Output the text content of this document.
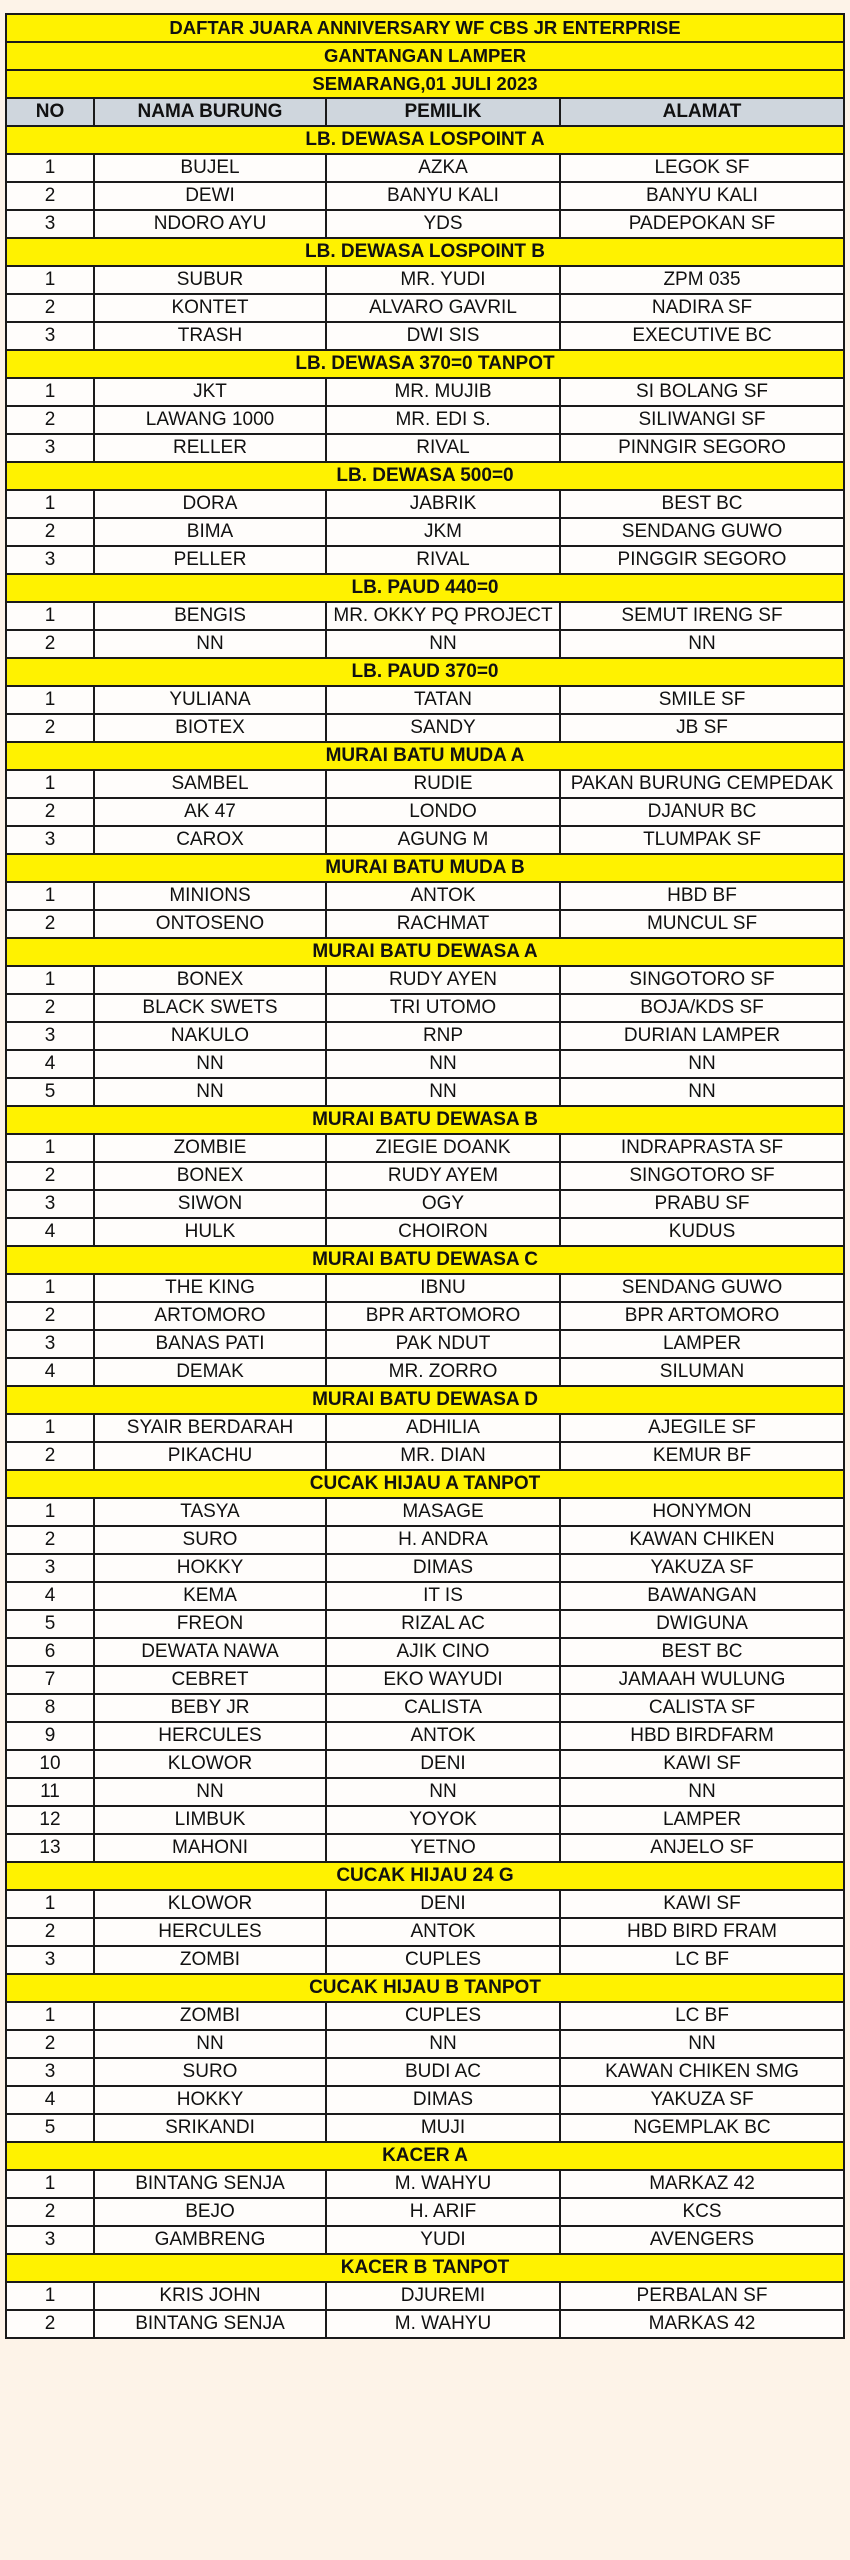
DAFTAR JUARA ANNIVERSARY WF CBS JR ENTERPRISE			
GANTANGAN LAMPER			
SEMARANG,01 JULI 2023			
NO	NAMA BURUNG	PEMILIK	ALAMAT
LB. DEWASA LOSPOINT A			
1	BUJEL	AZKA	LEGOK SF
2	DEWI	BANYU KALI	BANYU KALI
3	NDORO AYU	YDS	PADEPOKAN SF
LB. DEWASA LOSPOINT B			
1	SUBUR	MR. YUDI	ZPM 035
2	KONTET	ALVARO GAVRIL	NADIRA SF
3	TRASH	DWI SIS	EXECUTIVE BC
LB. DEWASA 370=0 TANPOT			
1	JKT	MR. MUJIB	SI BOLANG SF
2	LAWANG 1000	MR. EDI S.	SILIWANGI SF
3	RELLER	RIVAL	PINNGIR SEGORO
LB. DEWASA 500=0			
1	DORA	JABRIK	BEST BC
2	BIMA	JKM	SENDANG GUWO
3	PELLER	RIVAL	PINGGIR SEGORO
LB. PAUD 440=0			
1	BENGIS	MR. OKKY PQ PROJECT	SEMUT IRENG SF
2	NN	NN	NN
LB. PAUD 370=0			
1	YULIANA	TATAN	SMILE SF
2	BIOTEX	SANDY	JB SF
MURAI BATU MUDA A			
1	SAMBEL	RUDIE	PAKAN BURUNG CEMPEDAK
2	AK 47	LONDO	DJANUR BC
3	CAROX	AGUNG M	TLUMPAK SF
MURAI BATU MUDA B			
1	MINIONS	ANTOK	HBD BF
2	ONTOSENO	RACHMAT	MUNCUL SF
MURAI BATU DEWASA A			
1	BONEX	RUDY AYEN	SINGOTORO SF
2	BLACK SWETS	TRI UTOMO	BOJA/KDS SF
3	NAKULO	RNP	DURIAN LAMPER
4	NN	NN	NN
5	NN	NN	NN
MURAI BATU DEWASA B			
1	ZOMBIE	ZIEGIE DOANK	INDRAPRASTA SF
2	BONEX	RUDY AYEM	SINGOTORO SF
3	SIWON	OGY	PRABU SF
4	HULK	CHOIRON	KUDUS
MURAI BATU DEWASA C			
1	THE KING	IBNU	SENDANG GUWO
2	ARTOMORO	BPR ARTOMORO	BPR ARTOMORO
3	BANAS PATI	PAK NDUT	LAMPER
4	DEMAK	MR. ZORRO	SILUMAN
MURAI BATU DEWASA D			
1	SYAIR BERDARAH	ADHILIA	AJEGILE SF
2	PIKACHU	MR. DIAN	KEMUR BF
CUCAK HIJAU A TANPOT			
1	TASYA	MASAGE	HONYMON
2	SURO	H. ANDRA	KAWAN CHIKEN
3	HOKKY	DIMAS	YAKUZA SF
4	KEMA	IT IS	BAWANGAN
5	FREON	RIZAL AC	DWIGUNA
6	DEWATA NAWA	AJIK CINO	BEST BC
7	CEBRET	EKO WAYUDI	JAMAAH WULUNG
8	BEBY JR	CALISTA	CALISTA SF
9	HERCULES	ANTOK	HBD BIRDFARM
10	KLOWOR	DENI	KAWI SF
11	NN	NN	NN
12	LIMBUK	YOYOK	LAMPER
13	MAHONI	YETNO	ANJELO SF
CUCAK HIJAU 24 G			
1	KLOWOR	DENI	KAWI SF
2	HERCULES	ANTOK	HBD BIRD FRAM
3	ZOMBI	CUPLES	LC BF
CUCAK HIJAU B TANPOT			
1	ZOMBI	CUPLES	LC BF
2	NN	NN	NN
3	SURO	BUDI AC	KAWAN CHIKEN SMG
4	HOKKY	DIMAS	YAKUZA SF
5	SRIKANDI	MUJI	NGEMPLAK BC
KACER A			
1	BINTANG SENJA	M. WAHYU	MARKAZ 42
2	BEJO	H. ARIF	KCS
3	GAMBRENG	YUDI	AVENGERS
KACER B TANPOT			
1	KRIS JOHN	DJUREMI	PERBALAN SF
2	BINTANG SENJA	M. WAHYU	MARKAS 42
